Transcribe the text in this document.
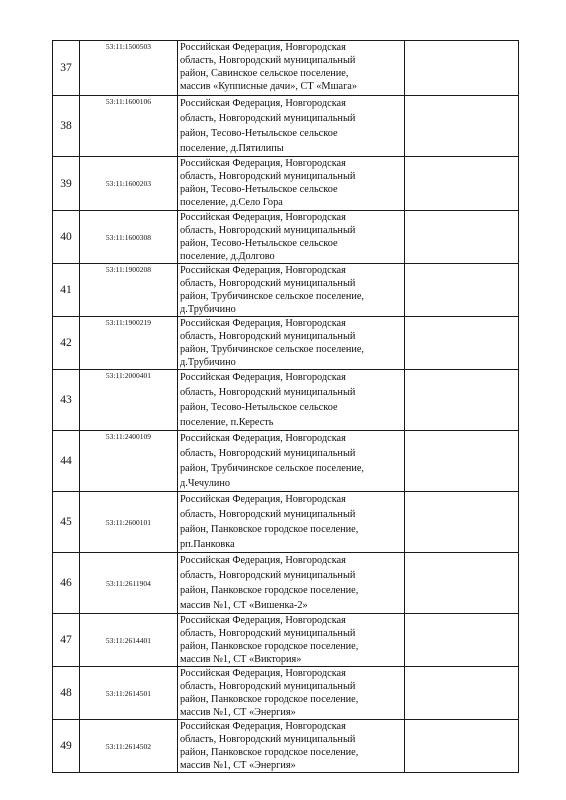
37	53:11:1500503	Российская Федерация, Новгородская
область, Новгородский муниципальный
район, Савинское сельское поселение,
массив «Купписные дачи», СТ «Мшага»	

38	53:11:1600106	Российская Федерация, Новгородская
область, Новгородский муниципальный
район, Тесово-Нетыльское сельское
поселение, д.Пятилипы	

39	53:11:1600203	Российская Федерация, Новгородская
область, Новгородский муниципальный
район, Тесово-Нетыльское сельское
поселение, д.Село Гора	

40	53:11:1600308	Российская Федерация, Новгородская
область, Новгородский муниципальный
район, Тесово-Нетыльское сельское
поселение, д.Долгово	

41	53:11:1900208	Российская Федерация, Новгородская
область, Новгородский муниципальный
район, Трубичинское сельское поселение,
д.Трубичино	

42	53:11:1900219	Российская Федерация, Новгородская
область, Новгородский муниципальный
район, Трубичинское сельское поселение,
д.Трубичино	

43	53:11:2000401	Российская Федерация, Новгородская
область, Новгородский муниципальный
район, Тесово-Нетыльское сельское
поселение, п.Кересть	

44	53:11:2400109	Российская Федерация, Новгородская
область, Новгородский муниципальный
район, Трубичинское сельское поселение,
д.Чечулино	

45	53:11:2600101	Российская Федерация, Новгородская
область, Новгородский муниципальный
район, Панковское городское поселение,
рп.Панковка	

46	53:11:2611904	Российская Федерация, Новгородская
область, Новгородский муниципальный
район, Панковское городское поселение,
массив №1, СТ «Вишенка-2»	

47	53:11:2614401	Российская Федерация, Новгородская
область, Новгородский муниципальный
район, Панковское городское поселение,
массив №1, СТ «Виктория»	

48	53:11:2614501	Российская Федерация, Новгородская
область, Новгородский муниципальный
район, Панковское городское поселение,
массив №1, СТ «Энергия»	

49	53:11:2614502	Российская Федерация, Новгородская
область, Новгородский муниципальный
район, Панковское городское поселение,
массив №1, СТ «Энергия»	
